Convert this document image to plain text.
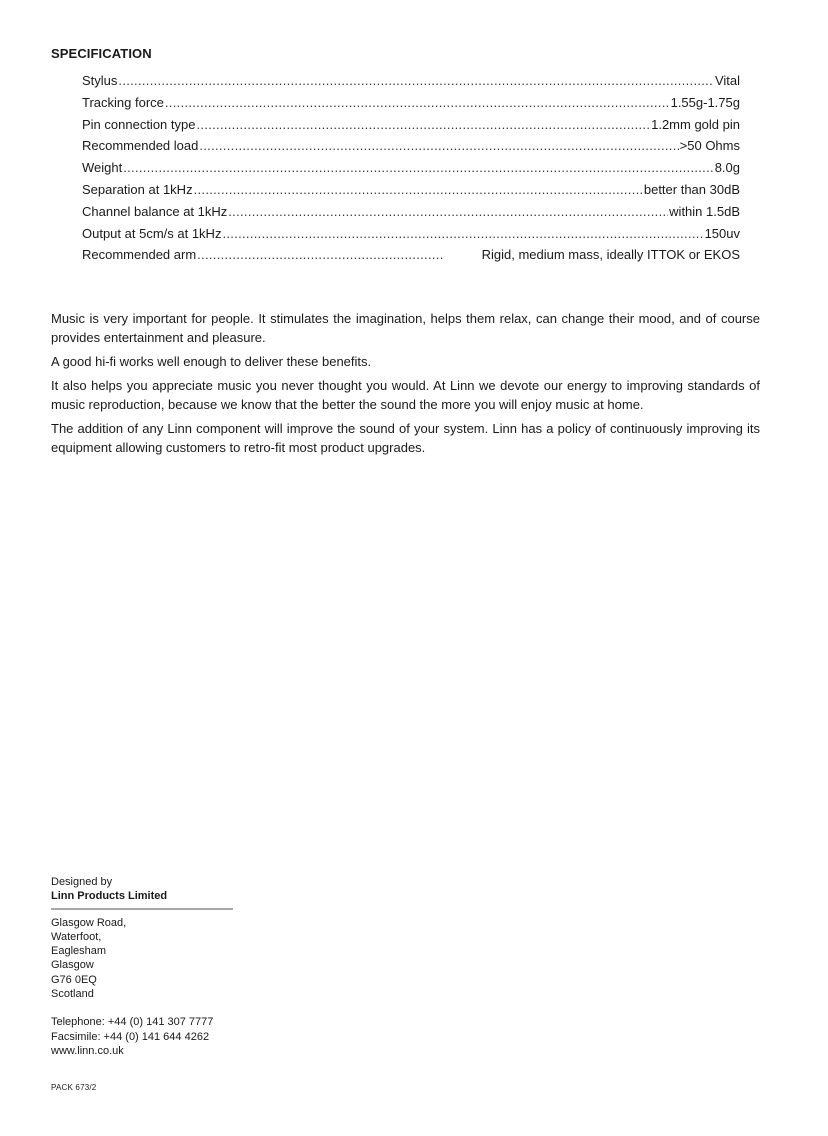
SPECIFICATION
Stylus .....	Vital
Tracking force .....	1.55g-1.75g
Pin connection type .....	1.2mm gold pin
Recommended load .....	>50 Ohms
Weight .....	8.0g
Separation at 1kHz .....	better than 30dB
Channel balance at 1kHz .....	within 1.5dB
Output at 5cm/s at 1kHz .....	150uv
Recommended arm .....	Rigid, medium mass, ideally ITTOK or EKOS

Music is very important for people. It stimulates the imagination, helps them relax, can change their mood, and of course provides entertainment and pleasure.

A good hi-fi works well enough to deliver these benefits.

It also helps you appreciate music you never thought you would. At Linn we devote our energy to improving standards of music reproduction, because we know that the better the sound the more you will enjoy music at home.

The addition of any Linn component will improve the sound of your system. Linn has a policy of continuously improving its equipment allowing customers to retro-fit most product upgrades.

Designed by
Linn Products Limited
Glasgow Road,
Waterfoot,
Eaglesham
Glasgow
G76 0EQ
Scotland
Telephone: +44 (0) 141 307 7777
Facsimile: +44 (0) 141 644 4262
www.linn.co.uk
PACK 673/2
